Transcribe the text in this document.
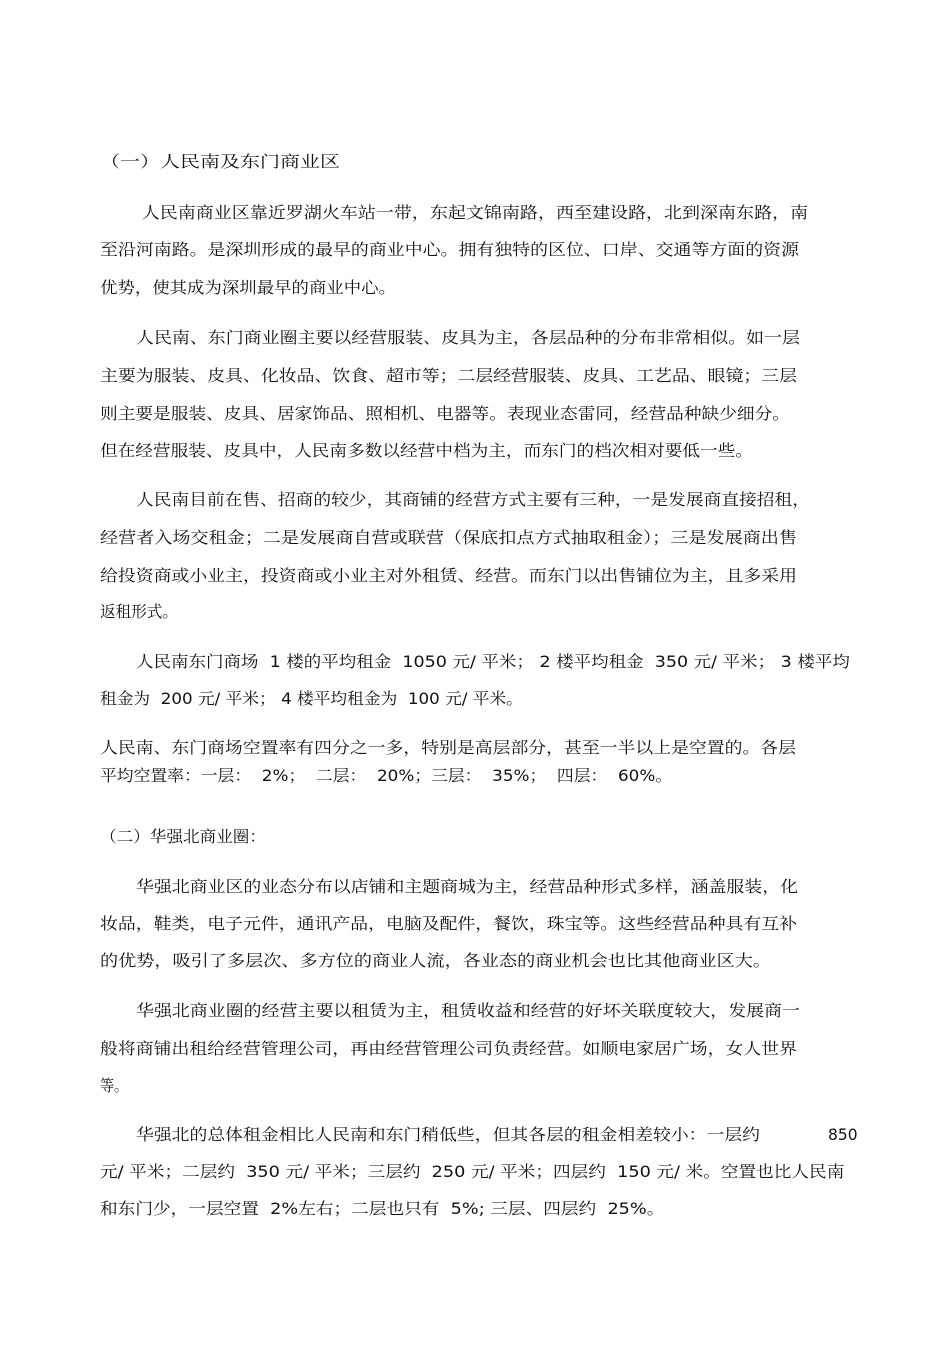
（一）人民南及东门商业区
人民南商业区靠近罗湖火车站一带，东起文锦南路，西至建设路，北到深南东路，南
至沿河南路。是深圳形成的最早的商业中心。拥有独特的区位、口岸、交通等方面的资源
优势，使其成为深圳最早的商业中心。
人民南、东门商业圈主要以经营服装、皮具为主，各层品种的分布非常相似。如一层
主要为服装、皮具、化妆品、饮食、超市等；二层经营服装、皮具、工艺品、眼镜；三层
则主要是服装、皮具、居家饰品、照相机、电器等。表现业态雷同，经营品种缺少细分。
但在经营服装、皮具中，人民南多数以经营中档为主，而东门的档次相对要低一些。
人民南目前在售、招商的较少，其商铺的经营方式主要有三种，一是发展商直接招租，
经营者入场交租金；二是发展商自营或联营（保底扣点方式抽取租金）；三是发展商出售
给投资商或小业主，投资商或小业主对外租赁、经营。而东门以出售铺位为主，且多采用
返租形式。
人民南东门商场  1 楼的平均租金  1050 元/ 平米； 2 楼平均租金  350 元/ 平米； 3 楼平均
租金为  200 元/ 平米； 4 楼平均租金为  100 元/ 平米。
人民南、东门商场空置率有四分之一多，特别是高层部分，甚至一半以上是空置的。各层
平均空置率：一层：  2%；  二层：  20%；三层：  35%；  四层：  60%。
（二）华强北商业圈：
华强北商业区的业态分布以店铺和主题商城为主，经营品种形式多样，涵盖服装，化
妆品，鞋类，电子元件，通讯产品，电脑及配件，餐饮，珠宝等。这些经营品种具有互补
的优势，吸引了多层次、多方位的商业人流，各业态的商业机会也比其他商业区大。
华强北商业圈的经营主要以租赁为主，租赁收益和经营的好坏关联度较大，发展商一
般将商铺出租给经营管理公司，再由经营管理公司负责经营。如顺电家居广场，女人世界
等。
华强北的总体租金相比人民南和东门稍低些，但其各层的租金相差较小：一层约	850
元/ 平米；二层约  350 元/ 平米；三层约  250 元/ 平米；四层约  150 元/ 米。空置也比人民南
和东门少，一层空置  2%左右；二层也只有  5%; 三层、四层约  25%。
